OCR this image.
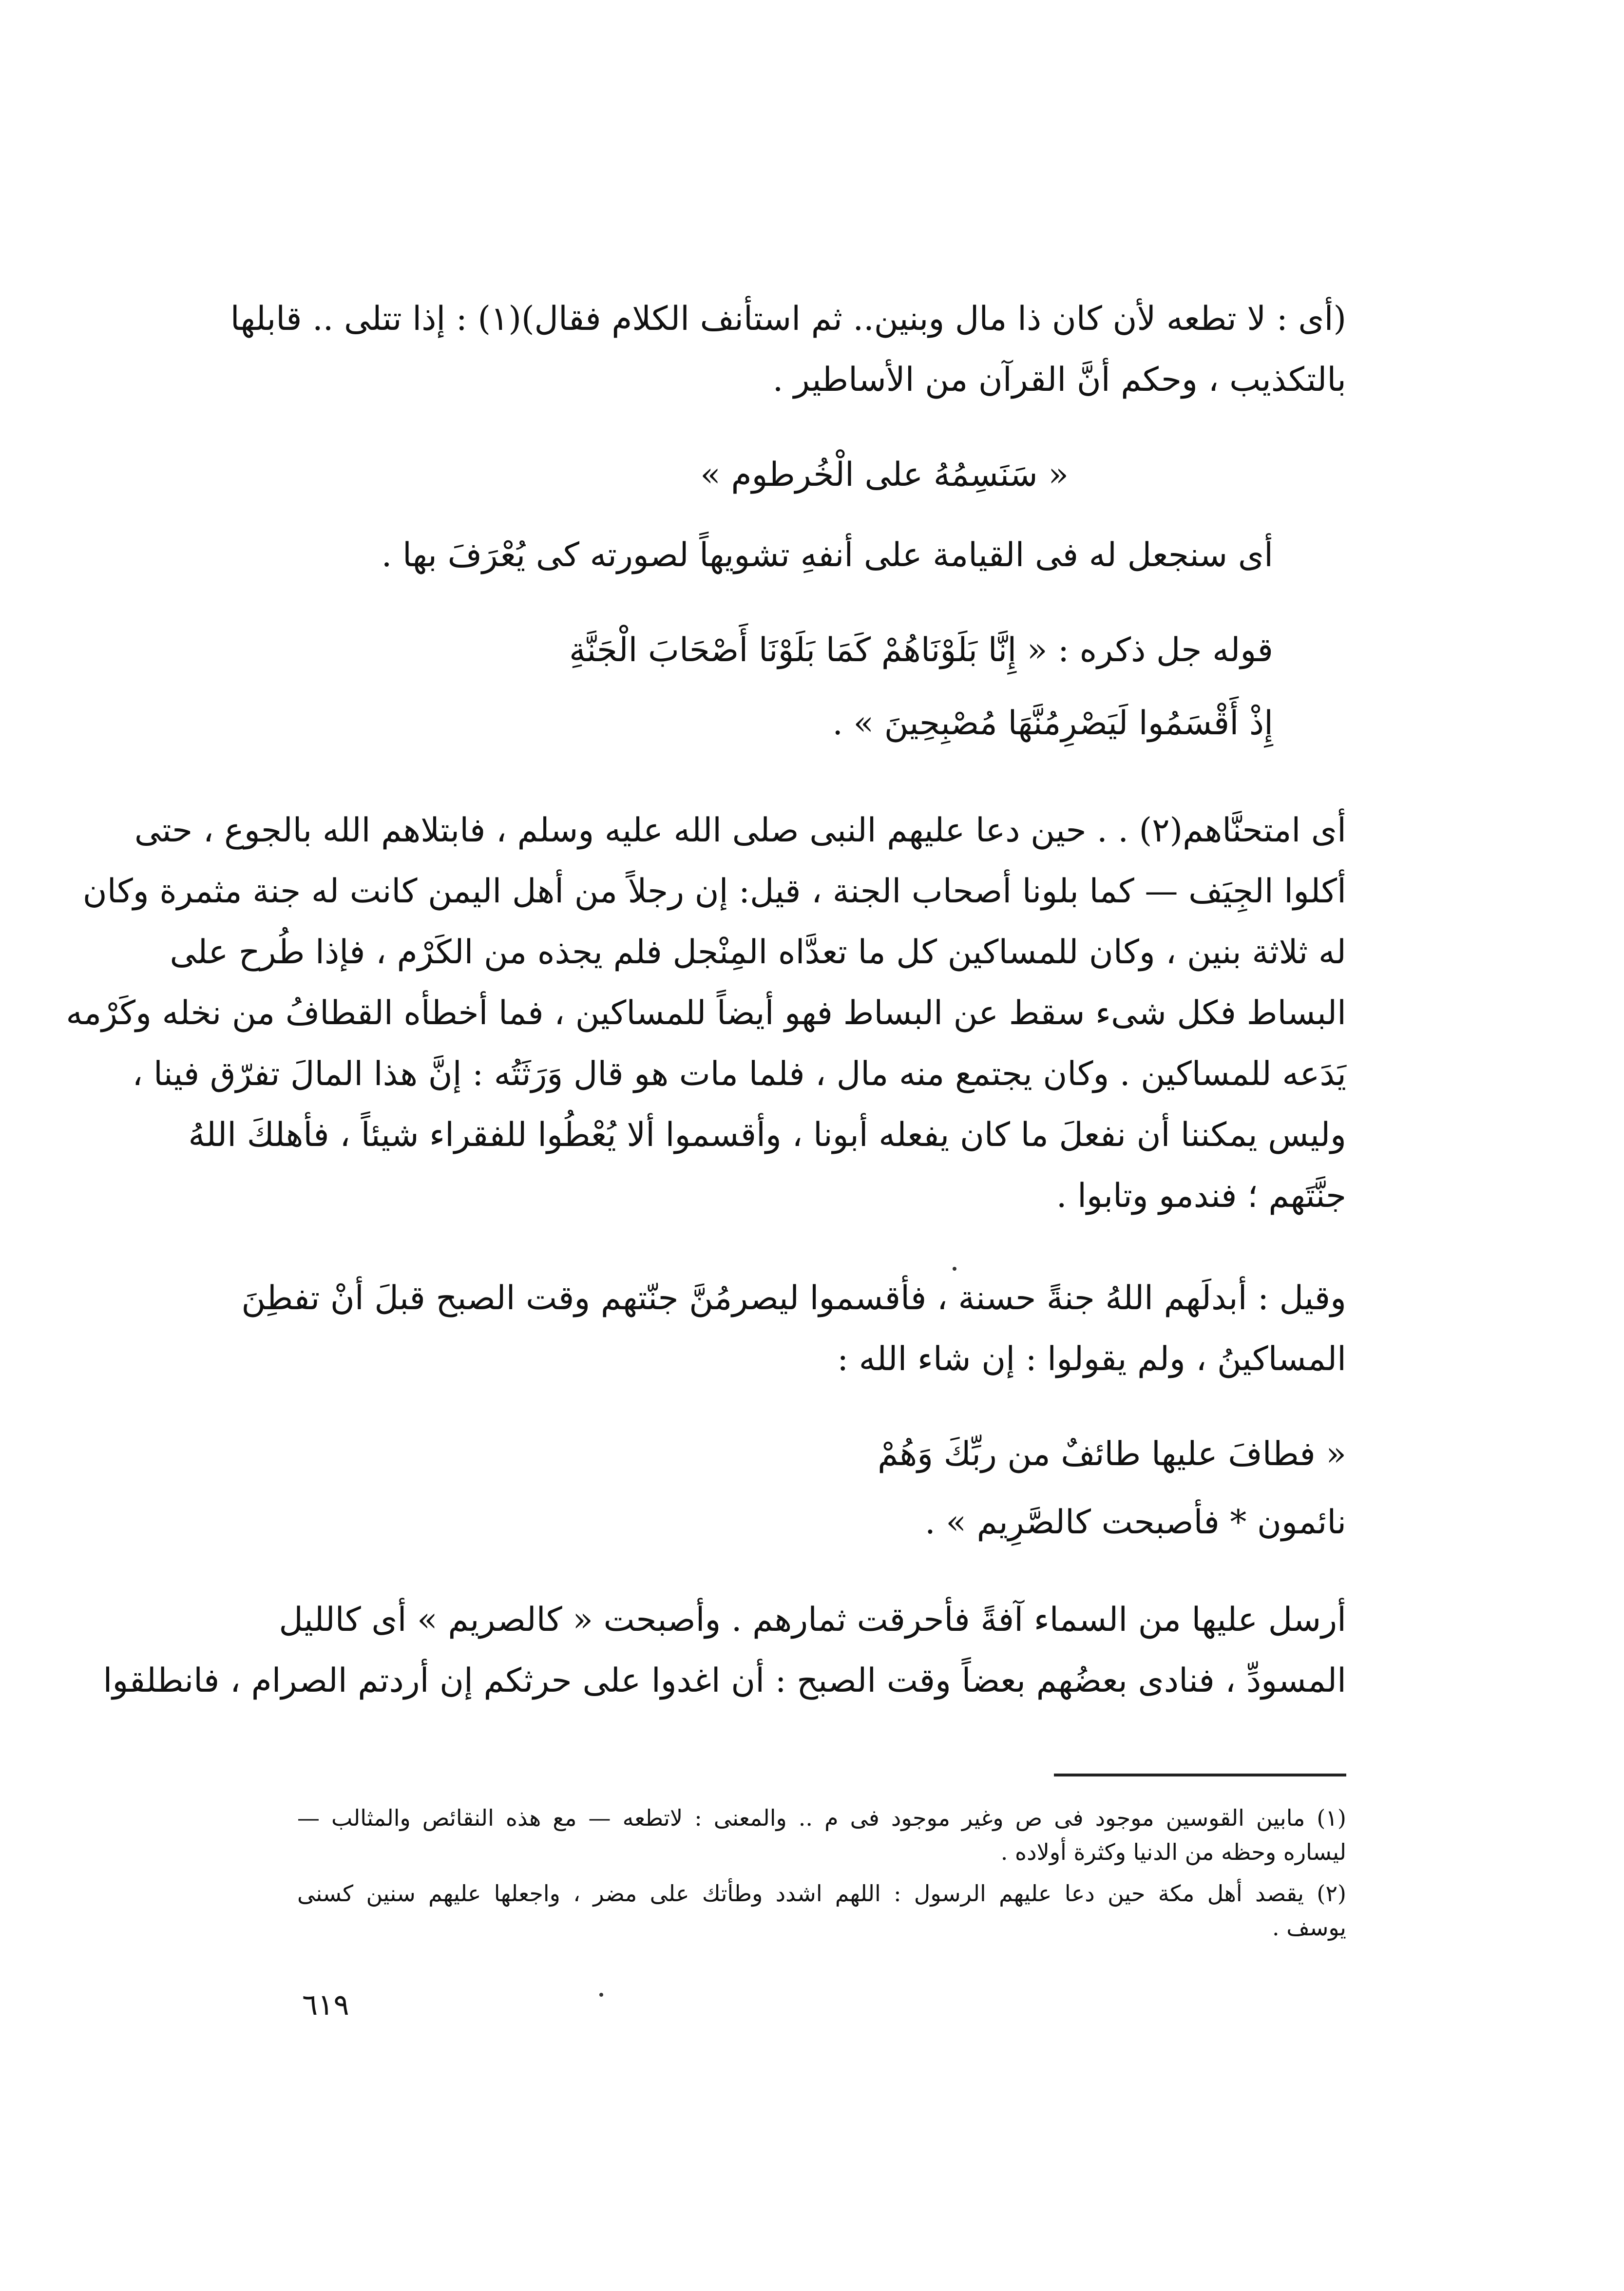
(أى : لا تطعه لأن كان ذا مال وبنين.. ثم استأنف الكلام فقال)(١) : إذا تتلى .. قابلها
بالتكذيب ، وحكم أنَّ القرآن من الأساطير .
« سَنَسِمُهُ على الْخُرطوم »
أى سنجعل له فى القيامة على أنفهِ تشويهاً لصورته كى يُعْرَفَ بها .
قوله جل ذكره : « إِنَّا بَلَوْنَاهُمْ كَمَا بَلَوْنَا أَصْحَابَ الْجَنَّةِ
إِذْ أَقْسَمُوا لَيَصْرِمُنَّهَا مُصْبِحِينَ » .
أى امتحنَّاهم(٢) . . حين دعا عليهم النبى صلى الله عليه وسلم ، فابتلاهم الله بالجوع ، حتى
أكلوا الجِيَف — كما بلونا أصحاب الجنة ، قيل: إن رجلاً من أهل اليمن كانت له جنة مثمرة وكان
له ثلاثة بنين ، وكان للمساكين كل ما تعدَّاه المِنْجل فلم يجذه من الكَرْم ، فإذا طُرح على
البساط فكل شىء سقط عن البساط فهو أيضاً للمساكين ، فما أخطأه القطافُ من نخله وكَرْمه
يَدَعه للمساكين . وكان يجتمع منه مال ، فلما مات هو قال وَرَثَتُه : إنَّ هذا المالَ تفرّق فينا ،
وليس يمكننا أن نفعلَ ما كان يفعله أبونا ، وأقسموا ألا يُعْطُوا للفقراء شيئاً ، فأهلكَ اللهُ
جنَّتَهم ؛ فندمو وتابوا .
وقيل : أبدلَهم اللهُ جنةً حسنة ، فأقسموا ليصرمُنَّ جنّتهم وقت الصبح قبلَ أنْ تفطِنَ
المساكينُ ، ولم يقولوا : إن شاء الله :
« فطافَ عليها طائفٌ من ربِّكَ وَهُمْ
نائمون * فأصبحت كالصَّرِيم » .
أرسل عليها من السماء آفةً فأحرقت ثمارهم . وأصبحت « كالصريم » أى كالليل
المسودِّ ، فنادى بعضُهم بعضاً وقت الصبح : أن اغدوا على حرثكم إن أردتم الصرام ، فانطلقوا
(١) مابين القوسين موجود فى ص وغير موجود فى م .. والمعنى : لاتطعه — مع هذه النقائص والمثالب —
ليساره وحظه من الدنيا وكثرة أولاده .
(٢) يقصد أهل مكة حين دعا عليهم الرسول : اللهم اشدد وطأتك على مضر ، واجعلها عليهم سنين كسنى
يوسف .
٦١٩
